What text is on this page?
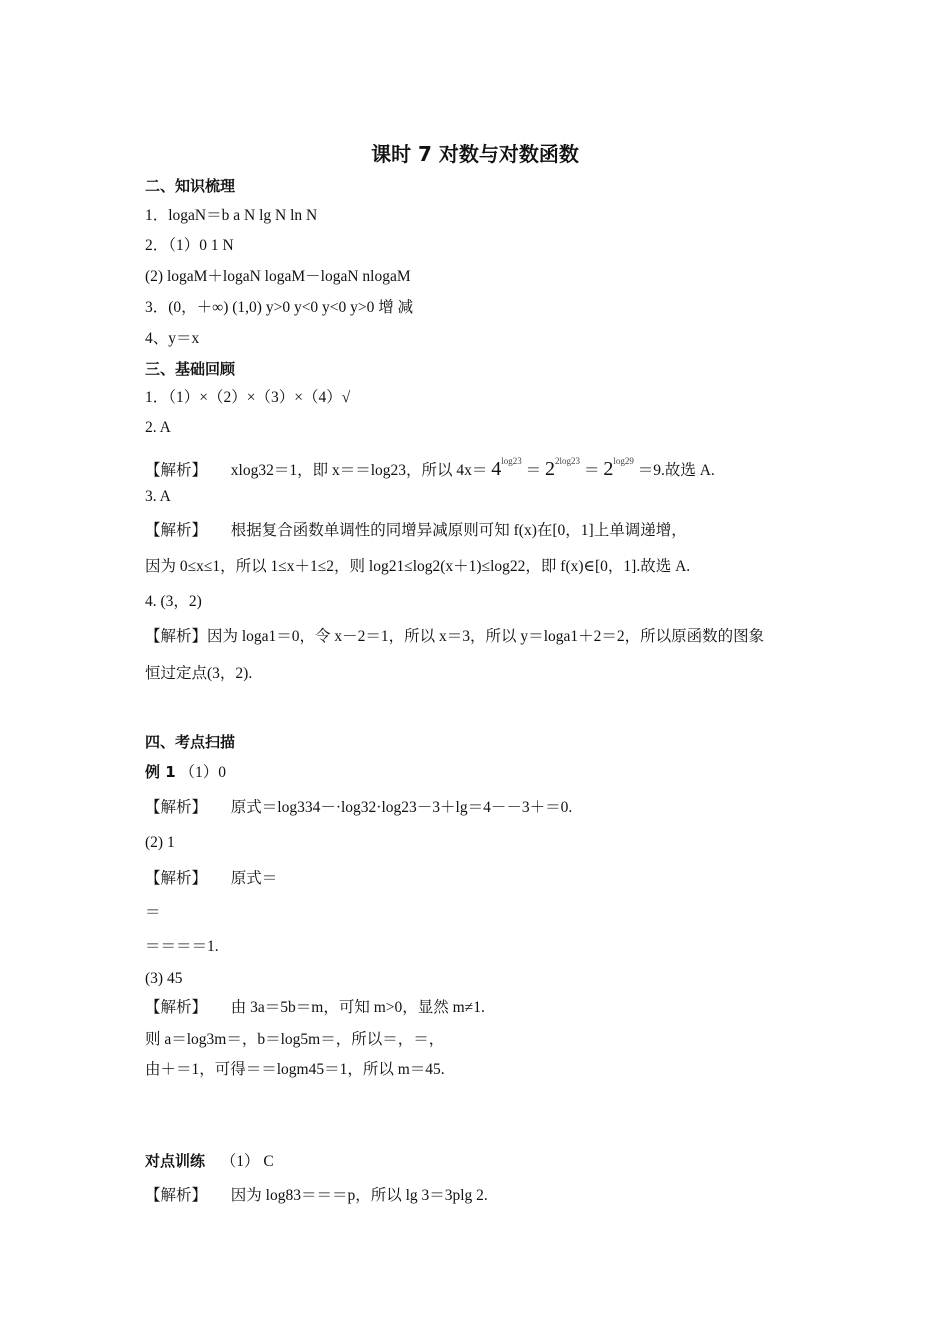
课时 7 对数与对数函数
二、知识梳理
1．logaN＝b a N lg N ln N
2．（1）0 1 N
(2) logaM＋logaN logaM－logaN nlogaM
3．(0，＋∞) (1,0) y>0 y<0 y<0 y>0 增 减
4、y＝x
三、基础回顾
1．（1）×（2）×（3）×（4）√
2. A
【解析】 xlog32＝1，即 x＝＝log23，所以 $4x= 4^{log23} = 2^{2log23} = 2^{log29} =9$.故选 A.
3. A
【解析】 根据复合函数单调性的同增异减原则可知 f(x)在[0，1]上单调递增，
因为 0≤x≤1，所以 1≤x＋1≤2，则 log21≤log2(x＋1)≤log22，即 f(x)∈[0，1].故选 A.
4. (3，2)
【解析】因为 loga1＝0，令 x－2＝1，所以 x＝3，所以 y＝loga1＋2＝2，所以原函数的图象
恒过定点(3，2).
四、考点扫描
例 1 （1）0
【解析】 原式＝log334－·log32·log23－3＋lg＝4－－3＋＝0.
(2) 1
【解析】 原式＝
＝
＝＝＝＝1.
(3) 45
【解析】 由 3a＝5b＝m，可知 m>0，显然 m≠1.
则 a＝log3m＝，b＝log5m＝，所以＝，＝，
由＋＝1，可得＝＝logm45＝1，所以 m＝45.
对点训练 （1） C
【解析】 因为 log83＝＝＝p，所以 lg 3＝3plg 2.
